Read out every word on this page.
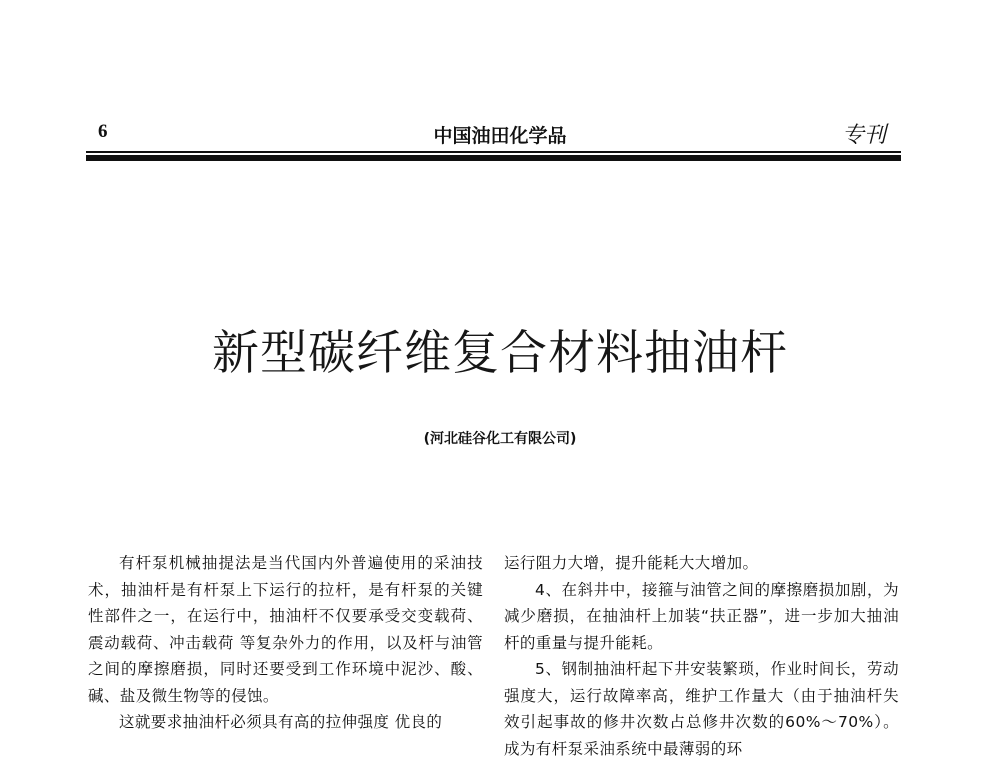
6	中国油田化学品	专刊
新型碳纤维复合材料抽油杆
(河北硅谷化工有限公司)

有杆泵机械抽提法是当代国内外普遍使用的采油技术，抽油杆是有杆泵上下运行的拉杆，是有杆泵的关键性部件之一，在运行中，抽油杆不仅要承受交变载荷、震动载荷、冲击载荷 等复杂外力的作用，以及杆与油管之间的摩擦磨损，同时还要受到工作环境中泥沙、酸、碱、盐及微生物等的侵蚀。

这就要求抽油杆必须具有高的拉伸强度 优良的

运行阻力大增，提升能耗大大增加。

4、在斜井中，接箍与油管之间的摩擦磨损加剧，为减少磨损，在抽油杆上加装“扶正器”，进一步加大抽油杆的重量与提升能耗。

5、钢制抽油杆起下井安装繁琐，作业时间长，劳动强度大，运行故障率高，维护工作量大（由于抽油杆失效引起事故的修井次数占总修井次数的60%～70%）。成为有杆泵采油系统中最薄弱的环
